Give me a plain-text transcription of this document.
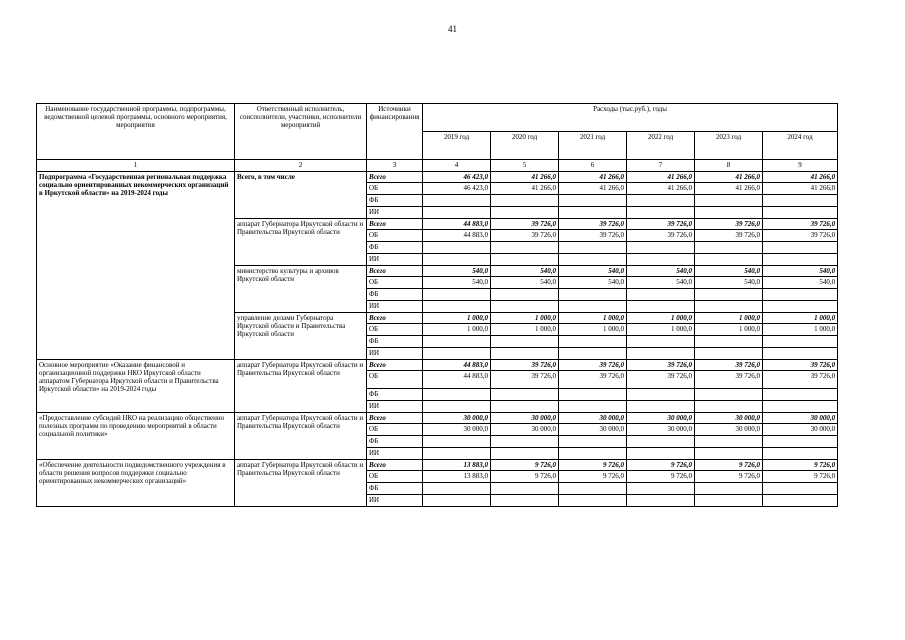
41
Наименование государственной программы, подпрограммы, ведомственной целевой программы, основного мероприятия, мероприятия	Ответственный исполнитель, соисполнители, участники, исполнители мероприятий	Источники финансирования	Расходы (тыс.руб.), годы					
			2019 год	2020 год	2021 год	2022 год	2023 год	2024 год
1	2	3	4	5	6	7	8	9
Подпрограмма «Государственная региональная поддержка социально ориентированных некоммерческих организаций в Иркутской области» на 2019-2024 годы	Всего, в том числе	Всего	46 423,0	41 266,0	41 266,0	41 266,0	41 266,0	41 266,0
		ОБ	46 423,0	41 266,0	41 266,0	41 266,0	41 266,0	41 266,0
		ФБ						
		ИИ						
	аппарат Губернатора Иркутской области и Правительства Иркутской области	Всего	44 883,0	39 726,0	39 726,0	39 726,0	39 726,0	39 726,0
		ОБ	44 883,0	39 726,0	39 726,0	39 726,0	39 726,0	39 726,0
		ФБ						
		ИИ						
	министерство культуры и архивов Иркутской области	Всего	540,0	540,0	540,0	540,0	540,0	540,0
		ОБ	540,0	540,0	540,0	540,0	540,0	540,0
		ФБ						
		ИИ						
	управление делами Губернатора Иркутской области и Правительства Иркутской области	Всего	1 000,0	1 000,0	1 000,0	1 000,0	1 000,0	1 000,0
		ОБ	1 000,0	1 000,0	1 000,0	1 000,0	1 000,0	1 000,0
		ФБ						
		ИИ						
Основное мероприятие «Оказание финансовой и организационной поддержки НКО Иркутской области аппаратом Губернатора Иркутской области и Правительства Иркутской области» на 2019-2024 годы	аппарат Губернатора Иркутской области и Правительства Иркутской области	Всего	44 883,0	39 726,0	39 726,0	39 726,0	39 726,0	39 726,0
		ОБ	44 883,0	39 726,0	39 726,0	39 726,0	39 726,0	39 726,0
		ФБ						
		ИИ						
«Предоставление субсидий НКО на реализацию общественно полезных программ по проведению мероприятий в области социальной политики»	аппарат Губернатора Иркутской области и Правительства Иркутской области	Всего	30 000,0	30 000,0	30 000,0	30 000,0	30 000,0	30 000,0
		ОБ	30 000,0	30 000,0	30 000,0	30 000,0	30 000,0	30 000,0
		ФБ						
		ИИ						
«Обеспечение деятельности подведомственного учреждения в области решения вопросов поддержки социально ориентированных некоммерческих организаций»	аппарат Губернатора Иркутской области и Правительства Иркутской области	Всего	13 883,0	9 726,0	9 726,0	9 726,0	9 726,0	9 726,0
		ОБ	13 883,0	9 726,0	9 726,0	9 726,0	9 726,0	9 726,0
		ФБ						
		ИИ						
